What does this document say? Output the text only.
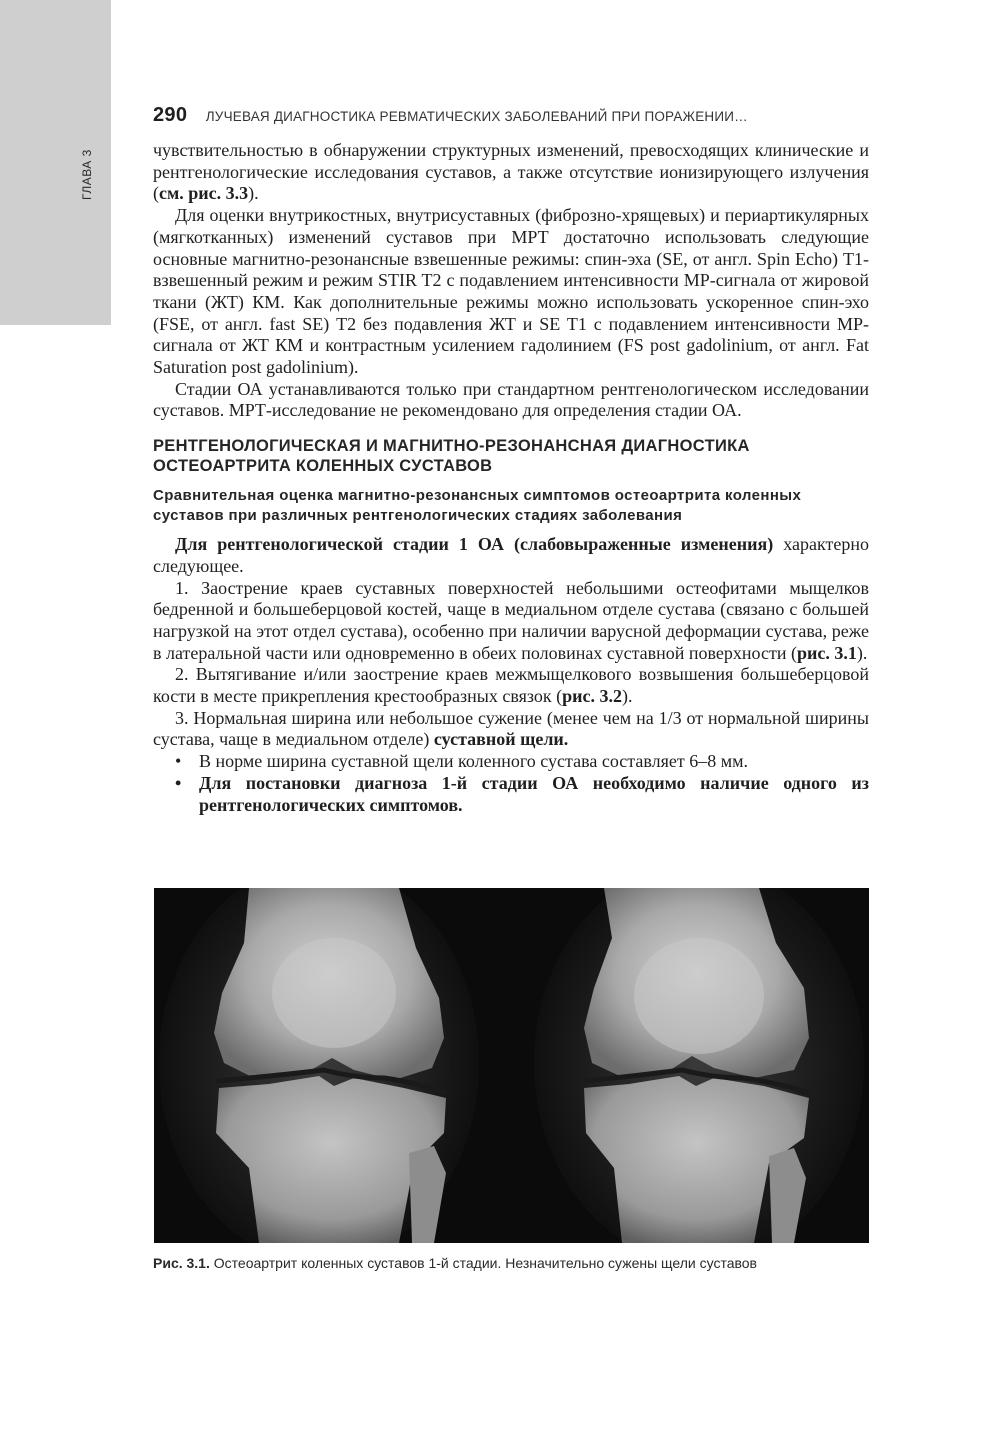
ГЛАВА 3
290 ЛУЧЕВАЯ ДИАГНОСТИКА РЕВМАТИЧЕСКИХ ЗАБОЛЕВАНИЙ ПРИ ПОРАЖЕНИИ…

чувствительностью в обнаружении структурных изменений, превосходящих клинические и рентгенологические исследования суставов, а также отсутствие ионизирующего излучения (см. рис. 3.3).

Для оценки внутрикостных, внутрисуставных (фиброзно-хрящевых) и периартикулярных (мягкотканных) изменений суставов при МРТ достаточно использовать следующие основные магнитно-резонансные взвешенные режимы: спин-эха (SE, от англ. Spin Echo) Т1-взвешенный режим и режим STIR T2 с подавлением интенсивности МР-сигнала от жировой ткани (ЖТ) КМ. Как дополнительные режимы можно использовать ускоренное спин-эхо (FSE, от англ. fast SE) Т2 без подавления ЖТ и SE T1 с подавлением интенсивности МР-сигнала от ЖТ КМ и контрастным усилением гадолинием (FS post gadolinium, от англ. Fat Saturation post gadolinium).

Стадии ОА устанавливаются только при стандартном рентгенологическом исследовании суставов. МРТ-исследование не рекомендовано для определения стадии ОА.

РЕНТГЕНОЛОГИЧЕСКАЯ И МАГНИТНО-РЕЗОНАНСНАЯ ДИАГНОСТИКА ОСТЕОАРТРИТА КОЛЕННЫХ СУСТАВОВ
Сравнительная оценка магнитно-резонансных симптомов остеоартрита коленных суставов при различных рентгенологических стадиях заболевания

Для рентгенологической стадии 1 ОА (слабовыраженные изменения) характерно следующее.

1. Заострение краев суставных поверхностей небольшими остеофитами мыщелков бедренной и большеберцовой костей, чаще в медиальном отделе сустава (связано с большей нагрузкой на этот отдел сустава), особенно при наличии варусной деформации сустава, реже в латеральной части или одновременно в обеих половинах суставной поверхности (рис. 3.1).

2. Вытягивание и/или заострение краев межмыщелкового возвышения большеберцовой кости в месте прикрепления крестообразных связок (рис. 3.2).

3. Нормальная ширина или небольшое сужение (менее чем на 1/3 от нормальной ширины сустава, чаще в медиальном отделе) суставной щели.

• В норме ширина суставной щели коленного сустава составляет 6–8 мм.
• Для постановки диагноза 1-й стадии ОА необходимо наличие одного из рентгенологических симптомов.
Рис. 3.1. Остеоартрит коленных суставов 1-й стадии. Незначительно сужены щели суставов
